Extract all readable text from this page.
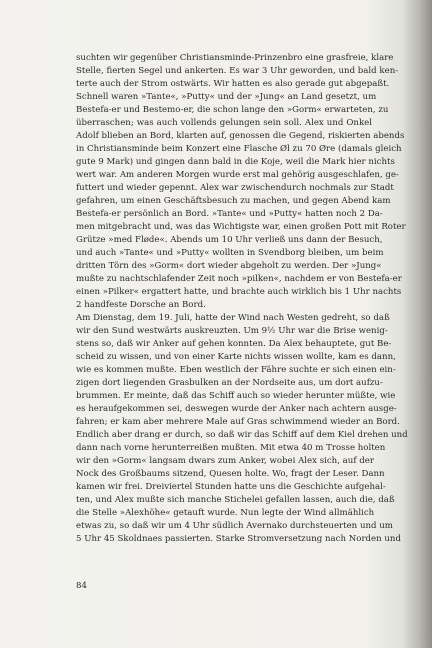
suchten wir gegenüber Christiansminde-Prinzenbro eine grasfreie, klare
Stelle, fierten Segel und ankerten. Es war 3 Uhr geworden, und bald ken-
terte auch der Strom ostwärts. Wir hatten es also gerade gut abgepaßt.
Schnell waren »Tante«, »Putty« und der »Jung« an Land gesetzt, um
Bestefa-er und Bestemo-er, die schon lange den »Gorm« erwarteten, zu
überraschen; was auch vollends gelungen sein soll. Alex und Onkel
Adolf blieben an Bord, klarten auf, genossen die Gegend, riskierten abends
in Christiansminde beim Konzert eine Flasche Øl zu 70 Øre (damals gleich
gute 9 Mark) und gingen dann bald in die Koje, weil die Mark hier nichts
wert war. Am anderen Morgen wurde erst mal gehörig ausgeschlafen, ge-
futtert und wieder gepennt. Alex war zwischendurch nochmals zur Stadt
gefahren, um einen Geschäftsbesuch zu machen, und gegen Abend kam
Bestefa-er persönlich an Bord. »Tante« und »Putty« hatten noch 2 Da-
men mitgebracht und, was das Wichtigste war, einen großen Pott mit Roter
Grütze »med Fløde«. Abends um 10 Uhr verließ uns dann der Besuch,
und auch »Tante« und »Putty« wollten in Svendborg bleiben, um beim
dritten Törn des »Gorm« dort wieder abgeholt zu werden. Der »Jung«
mußte zu nachtschlafender Zeit noch »pilken«, nachdem er von Bestefa-er
einen »Pilker« ergattert hatte, und brachte auch wirklich bis 1 Uhr nachts
2 handfeste Dorsche an Bord.
Am Dienstag, dem 19. Juli, hatte der Wind nach Westen gedreht, so daß
wir den Sund westwärts auskreuzten. Um 9½ Uhr war die Brise wenig-
stens so, daß wir Anker auf gehen konnten. Da Alex behauptete, gut Be-
scheid zu wissen, und von einer Karte nichts wissen wollte, kam es dann,
wie es kommen mußte. Eben westlich der Fähre suchte er sich einen ein-
zigen dort liegenden Grasbulken an der Nordseite aus, um dort aufzu-
brummen. Er meinte, daß das Schiff auch so wieder herunter müßte, wie
es heraufgekommen sei, deswegen wurde der Anker nach achtern ausge-
fahren; er kam aber mehrere Male auf Gras schwimmend wieder an Bord.
Endlich aber drang er durch, so daß wir das Schiff auf dem Kiel drehen und
dann nach vorne herunterreißen mußten. Mit etwa 40 m Trosse holten
wir den »Gorm« langsam dwars zum Anker, wobei Alex sich, auf der
Nock des Großbaums sitzend, Quesen holte. Wo, fragt der Leser. Dann
kamen wir frei. Dreiviertel Stunden hatte uns die Geschichte aufgehal-
ten, und Alex mußte sich manche Stichelei gefallen lassen, auch die, daß
die Stelle »Alexhöhe« getauft wurde. Nun legte der Wind allmählich
etwas zu, so daß wir um 4 Uhr südlich Avernako durchsteuerten und um
5 Uhr 45 Skoldnaes passierten. Starke Stromversetzung nach Norden und
84
